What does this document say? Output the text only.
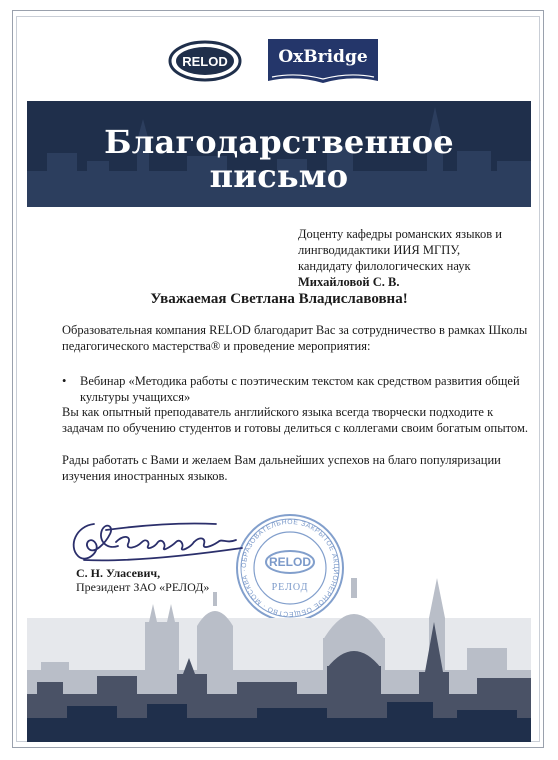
RELOD	OxBridge
Благодарственное
письмо
Доценту кафедры романских языков и
лингводидактики ИИЯ МГПУ,
кандидату филологических наук
Михайловой С. В.
Уважаемая Светлана Владиславовна!
Образовательная компания RELOD благодарит Вас за сотрудничество в рамках Школы педагогического мастерства® и проведение мероприятия:
• Вебинар «Методика работы с поэтическим текстом как средством развития общей культуры учащихся»
Вы как опытный преподаватель английского языка всегда творчески подходите к задачам по обучению студентов и готовы делиться с коллегами своим богатым опытом.
Рады работать с Вами и желаем Вам дальнейших успехов на благо популяризации изучения иностранных языков.
ОБРАЗОВАТЕЛЬНОЕ ЗАКРЫТОЕ АКЦИОНЕРНОЕ ОБЩЕСТВО · МОСКВА ·
RELOD
РЕЛОД
С. Н. Уласевич,
Президент ЗАО «РЕЛОД»
